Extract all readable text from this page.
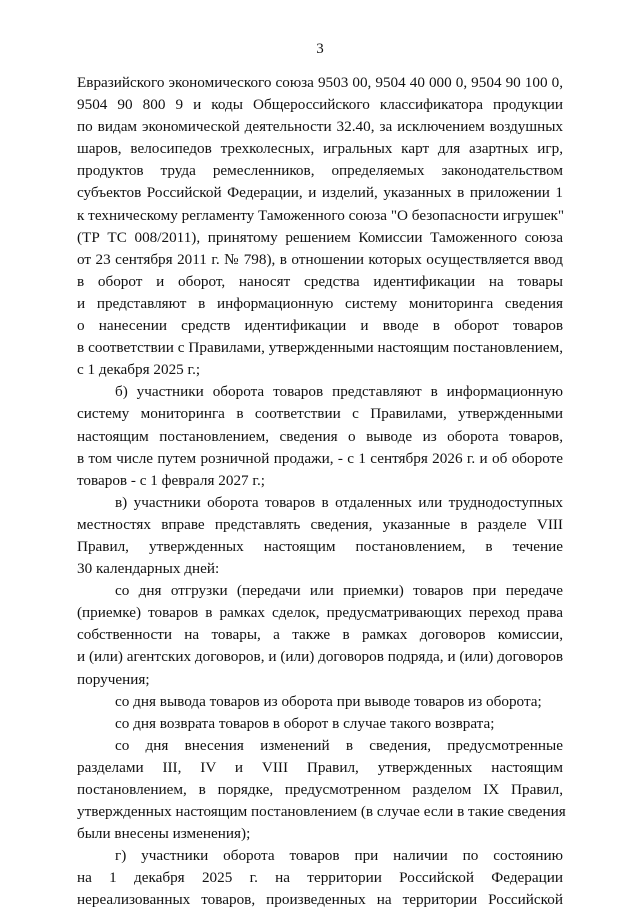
3
Евразийского экономического союза 9503 00, 9504 40 000 0, 9504 90 100 0,
9504 90 800 9 и коды Общероссийского классификатора продукции
по видам экономической деятельности 32.40, за исключением воздушных
шаров, велосипедов трехколесных, игральных карт для азартных игр,
продуктов труда ремесленников, определяемых законодательством
субъектов Российской Федерации, и изделий, указанных в приложении 1
к техническому регламенту Таможенного союза "О безопасности игрушек"
(ТР ТС 008/2011), принятому решением Комиссии Таможенного союза
от 23 сентября 2011 г. № 798), в отношении которых осуществляется ввод
в оборот и оборот, наносят средства идентификации на товары
и представляют в информационную систему мониторинга сведения
о нанесении средств идентификации и вводе в оборот товаров
в соответствии с Правилами, утвержденными настоящим постановлением,
с 1 декабря 2025 г.;
б) участники оборота товаров представляют в информационную
систему мониторинга в соответствии с Правилами, утвержденными
настоящим постановлением, сведения о выводе из оборота товаров,
в том числе путем розничной продажи, - с 1 сентября 2026 г. и об обороте
товаров - с 1 февраля 2027 г.;
в) участники оборота товаров в отдаленных или труднодоступных
местностях вправе представлять сведения, указанные в разделе VIII
Правил, утвержденных настоящим постановлением, в течение
30 календарных дней:
со дня отгрузки (передачи или приемки) товаров при передаче
(приемке) товаров в рамках сделок, предусматривающих переход права
собственности на товары, а также в рамках договоров комиссии,
и (или) агентских договоров, и (или) договоров подряда, и (или) договоров
поручения;
со дня вывода товаров из оборота при выводе товаров из оборота;
со дня возврата товаров в оборот в случае такого возврата;
со дня внесения изменений в сведения, предусмотренные
разделами III, IV и VIII Правил, утвержденных настоящим
постановлением, в порядке, предусмотренном разделом IX Правил,
утвержденных настоящим постановлением (в случае если в такие сведения
были внесены изменения);
г) участники оборота товаров при наличии по состоянию
на 1 декабря 2025 г. на территории Российской Федерации
нереализованных товаров, произведенных на территории Российской
